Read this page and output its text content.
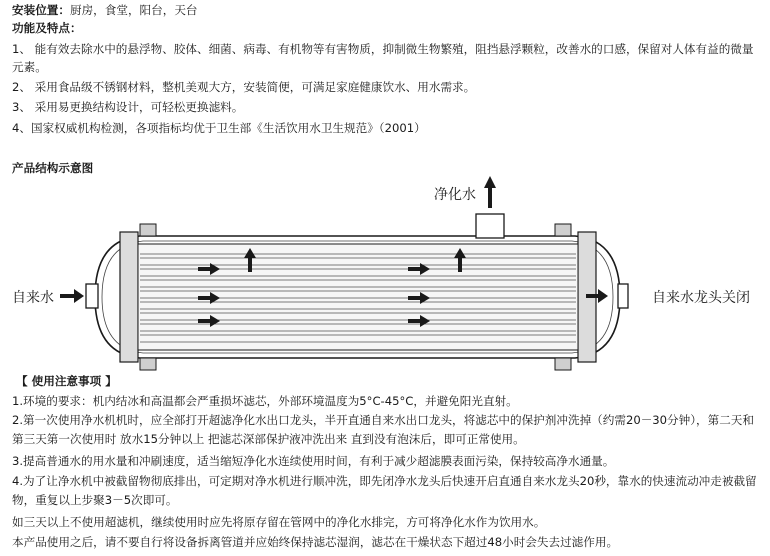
安装位置：厨房，食堂，阳台，天台
功能及特点：
1、 能有效去除水中的悬浮物、胶体、细菌、病毒、有机物等有害物质，抑制微生物繁殖，阻挡悬浮颗粒，改善水的口感，保留对人体有益的微量元素。
2、 采用食品级不锈钢材料，整机美观大方，安装简便，可满足家庭健康饮水、用水需求。
3、 采用易更换结构设计，可轻松更换滤料。
4、国家权威机构检测，各项指标均优于卫生部《生活饮用水卫生规范》（2001）
产品结构示意图
净化水
自来水	自来水龙头关闭
【 使用注意事项 】
1.环境的要求：机内结冰和高温都会严重损坏滤芯，外部环境温度为5°C-45°C，并避免阳光直射。
2.第一次使用净水机机时，应全部打开超滤净化水出口龙头，半开直通自来水出口龙头，将滤芯中的保护剂冲洗掉（约需20－30分钟），第二天和第三天第一次使用时 放水15分钟以上 把滤芯深部保护液冲洗出来 直到没有泡沫后，即可正常使用。
3.提高普通水的用水量和冲刷速度，适当缩短净化水连续使用时间，有利于减少超滤膜表面污染，保持较高净水通量。
4.为了让净水机中被截留物彻底排出，可定期对净水机进行顺冲洗，即先闭净水龙头后快速开启直通自来水龙头20秒，靠水的快速流动冲走被截留物，重复以上步聚3－5次即可。
如三天以上不使用超滤机，继续使用时应先将原存留在管网中的净化水排完，方可将净化水作为饮用水。
本产品使用之后，请不要自行将设备拆离管道并应始终保持滤芯湿润，滤芯在干燥状态下超过48小时会失去过滤作用。
